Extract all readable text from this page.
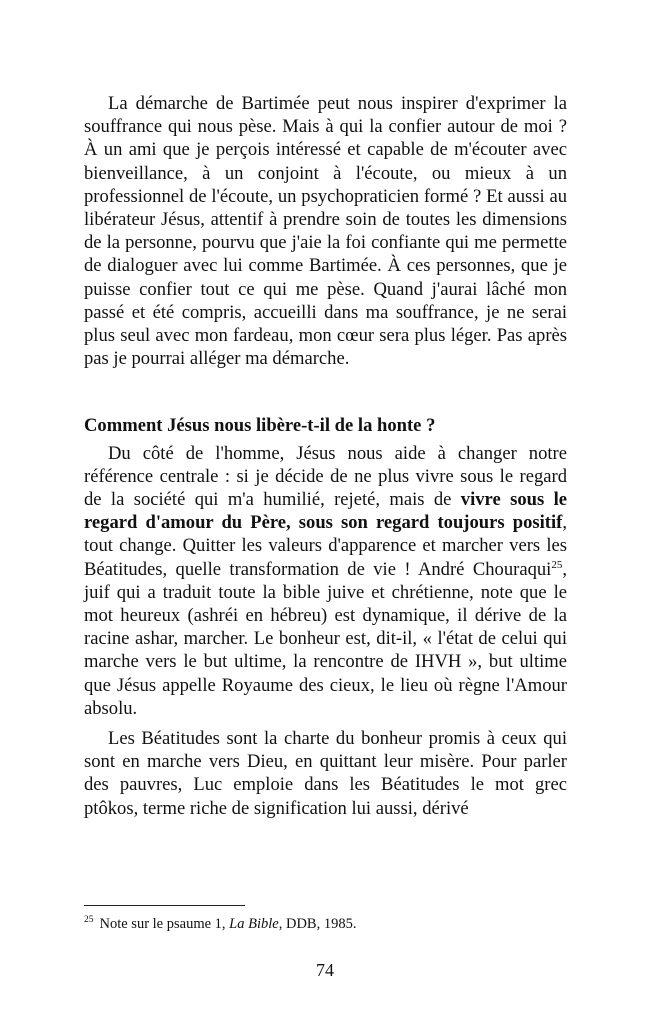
La démarche de Bartimée peut nous inspirer d'exprimer la souffrance qui nous pèse. Mais à qui la confier autour de moi ? À un ami que je perçois intéressé et capable de m'écouter avec bienveillance, à un conjoint à l'écoute, ou mieux à un professionnel de l'écoute, un psychopraticien formé ? Et aussi au libérateur Jésus, attentif à prendre soin de toutes les dimensions de la personne, pourvu que j'aie la foi confiante qui me permette de dialoguer avec lui comme Bartimée. À ces personnes, que je puisse confier tout ce qui me pèse. Quand j'aurai lâché mon passé et été compris, accueilli dans ma souffrance, je ne serai plus seul avec mon fardeau, mon cœur sera plus léger. Pas après pas je pourrai alléger ma démarche.

Comment Jésus nous libère-t-il de la honte ?

Du côté de l'homme, Jésus nous aide à changer notre référence centrale : si je décide de ne plus vivre sous le regard de la société qui m'a humilié, rejeté, mais de vivre sous le regard d'amour du Père, sous son regard toujours positif, tout change. Quitter les valeurs d'apparence et marcher vers les Béatitudes, quelle transformation de vie ! André Chouraqui$^{25}$, juif qui a traduit toute la bible juive et chrétienne, note que le mot heureux (ashréi en hébreu) est dynamique, il dérive de la racine ashar, marcher. Le bonheur est, dit-il, « l'état de celui qui marche vers le but ultime, la rencontre de IHVH », but ultime que Jésus appelle Royaume des cieux, le lieu où règne l'Amour absolu.

Les Béatitudes sont la charte du bonheur promis à ceux qui sont en marche vers Dieu, en quittant leur misère. Pour parler des pauvres, Luc emploie dans les Béatitudes le mot grec ptôkos, terme riche de signification lui aussi, dérivé

$^{25}$ Note sur le psaume 1, La Bible, DDB, 1985.
74
